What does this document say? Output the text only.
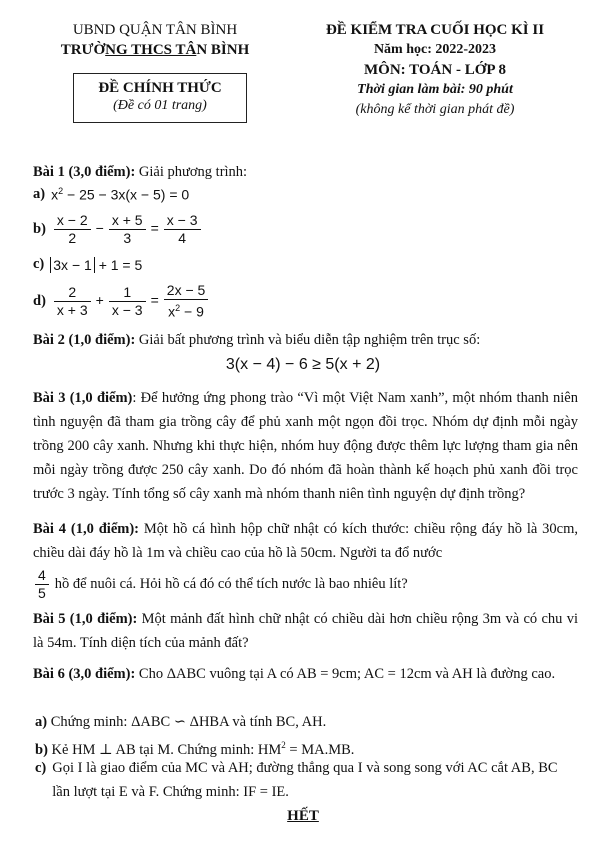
UBND QUẬN TÂN BÌNH
TRƯỜNG THCS TÂN BÌNH
ĐỀ CHÍNH THỨC
(Đề có 01 trang)
ĐỀ KIỂM TRA CUỐI HỌC KÌ II
Năm học: 2022-2023
MÔN: TOÁN - LỚP 8
Thời gian làm bài: 90 phút
(không kể thời gian phát đề)
Bài 1 (3,0 điểm): Giải phương trình:
a) $x^2 - 25 - 3x(x - 5) = 0$
$b) \frac{x - 2}{2} - \frac{x + 5}{3} = \frac{x - 3}{4}$
c) 3x − 1 + 1 = 5
$d) \frac{2}{x + 3} + \frac{1}{x - 3} = \frac{2x - 5}{x^2 - 9}$
Bài 2 (1,0 điểm): Giải bất phương trình và biểu diễn tập nghiệm trên trục số:
3(x − 4) − 6 ≥ 5(x + 2)
Bài 3 (1,0 điểm): Để hưởng ứng phong trào “Vì một Việt Nam xanh”, một nhóm thanh niên tình nguyện đã tham gia trồng cây để phủ xanh một ngọn đồi trọc. Nhóm dự định mỗi ngày trồng 200 cây xanh. Nhưng khi thực hiện, nhóm huy động được thêm lực lượng tham gia nên mỗi ngày trồng được 250 cây xanh. Do đó nhóm đã hoàn thành kế hoạch phủ xanh đồi trọc trước 3 ngày. Tính tổng số cây xanh mà nhóm thanh niên tình nguyện dự định trồng?
Bài 4 (1,0 điểm): Một hồ cá hình hộp chữ nhật có kích thước: chiều rộng đáy hồ là 30cm, chiều dài đáy hồ là 1m và chiều cao của hồ là 50cm. Người ta đổ nước
$\frac{4}{5}$ hồ để nuôi cá. Hỏi hồ cá đó có thể tích nước là bao nhiêu lít?
Bài 5 (1,0 điểm): Một mảnh đất hình chữ nhật có chiều dài hơn chiều rộng 3m và có chu vi là 54m. Tính diện tích của mảnh đất?
Bài 6 (3,0 điểm): Cho ΔABC vuông tại A có AB = 9cm; AC = 12cm và AH là đường cao.
a) Chứng minh: ΔABC ∽ ΔHBA và tính BC, AH.
b) Kẻ HM ⊥ AB tại M. Chứng minh: $HM^2 = MA.MB$.
c) Gọi I là giao điểm của MC và AH; đường thẳng qua I và song song với AC cắt AB, BC lần lượt tại E và F. Chứng minh: IF = IE.
HẾT
